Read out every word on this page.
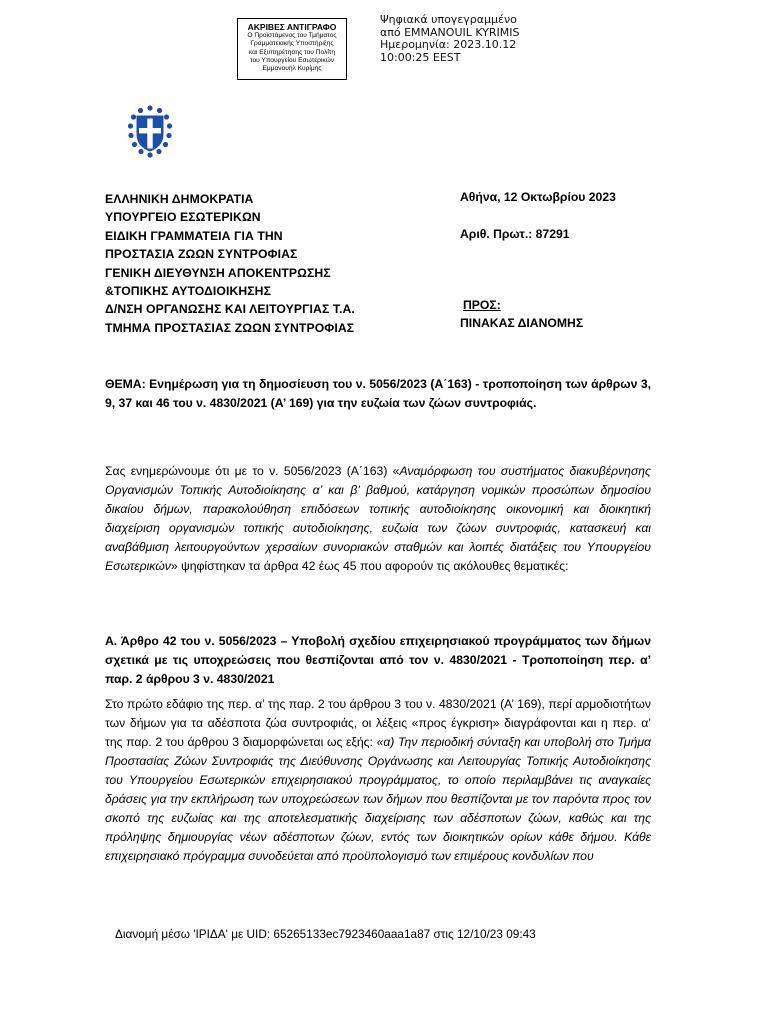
ΑΚΡΙΒΕΣ ΑΝΤΙΓΡΑΦΟ
Ο Προϊστάμενος του Τμήματος
Γραμματειακής Υποστήριξης
και Εξυπηρέτησης του Πολίτη
του Υπουργείου Εσωτερικών
Εμμανουήλ Κυρίμης
Ψηφιακά υπογεγραμμένο
από EMMANOUIL KYRIMIS
Ημερομηνία: 2023.10.12
10:00:25 EEST
ΕΛΛΗΝΙΚΗ ΔΗΜΟΚΡΑΤΙΑ
ΥΠΟΥΡΓΕΙΟ ΕΣΩΤΕΡΙΚΩΝ
ΕΙΔΙΚΗ ΓΡΑΜΜΑΤΕΙΑ ΓΙΑ ΤΗΝ
ΠΡΟΣΤΑΣΙΑ ΖΩΩΝ ΣΥΝΤΡΟΦΙΑΣ
ΓΕΝΙΚΗ ΔΙΕΥΘΥΝΣΗ ΑΠΟΚΕΝΤΡΩΣΗΣ
&ΤΟΠΙΚΗΣ ΑΥΤΟΔΙΟΙΚΗΣΗΣ
Δ/ΝΣΗ ΟΡΓΑΝΩΣΗΣ ΚΑΙ ΛΕΙΤΟΥΡΓΙΑΣ Τ.Α.
ΤΜΗΜΑ ΠΡΟΣΤΑΣΙΑΣ ΖΩΩΝ ΣΥΝΤΡΟΦΙΑΣ
Αθήνα, 12 Οκτωβρίου 2023
Αριθ. Πρωτ.: 87291
ΠΡΟΣ:
ΠΙΝΑΚΑΣ ΔΙΑΝΟΜΗΣ
ΘΕΜΑ: Ενημέρωση για τη δημοσίευση του ν. 5056/2023 (Α΄163) - τροποποίηση των άρθρων 3, 9, 37 και 46 του ν. 4830/2021 (Α’ 169) για την ευζωία των ζώων συντροφιάς.
Σας ενημερώνουμε ότι με το ν. 5056/2023 (Α΄163) «Αναμόρφωση του συστήματος διακυβέρνησης Οργανισμών Τοπικής Αυτοδιοίκησης α’ και β’ βαθμού, κατάργηση νομικών προσώπων δημοσίου δικαίου δήμων, παρακολούθηση επιδόσεων τοπικής αυτοδιοίκησης οικονομική και διοικητική διαχείριση οργανισμών τοπικής αυτοδιοίκησης, ευζωία των ζώων συντροφιάς, κατασκευή και αναβάθμιση λειτουργούντων χερσαίων συνοριακών σταθμών και λοιπές διατάξεις του Υπουργείου Εσωτερικών» ψηφίστηκαν τα άρθρα 42 έως 45 που αφορούν τις ακόλουθες θεματικές:
Α. Άρθρο 42 του ν. 5056/2023 – Υποβολή σχεδίου επιχειρησιακού προγράμματος των δήμων σχετικά με τις υποχρεώσεις που θεσπίζονται από τον ν. 4830/2021 - Τροποποίηση περ. α’ παρ. 2 άρθρου 3 ν. 4830/2021
Στο πρώτο εδάφιο της περ. α’ της παρ. 2 του άρθρου 3 του ν. 4830/2021 (Α’ 169), περί αρμοδιοτήτων των δήμων για τα αδέσποτα ζώα συντροφιάς, οι λέξεις «προς έγκριση» διαγράφονται και η περ. α’ της παρ. 2 του άρθρου 3 διαμορφώνεται ως εξής: «α) Την περιοδική σύνταξη και υποβολή στο Τμήμα Προστασίας Ζώων Συντροφιάς της Διεύθυνσης Οργάνωσης και Λειτουργίας Τοπικής Αυτοδιοίκησης του Υπουργείου Εσωτερικών επιχειρησιακού προγράμματος, το οποίο περιλαμβάνει τις αναγκαίες δράσεις για την εκπλήρωση των υποχρεώσεων των δήμων που θεσπίζονται με τον παρόντα προς τον σκοπό της ευζωίας και της αποτελεσματικής διαχείρισης των αδέσποτων ζώων, καθώς και της πρόληψης δημιουργίας νέων αδέσποτων ζώων, εντός των διοικητικών ορίων κάθε δήμου. Κάθε επιχειρησιακό πρόγραμμα συνοδεύεται από προϋπολογισμό των επιμέρους κονδυλίων που
Διανομή μέσω 'ΙΡΙΔΑ' με UID: 65265133ec7923460aaa1a87 στις 12/10/23 09:43
